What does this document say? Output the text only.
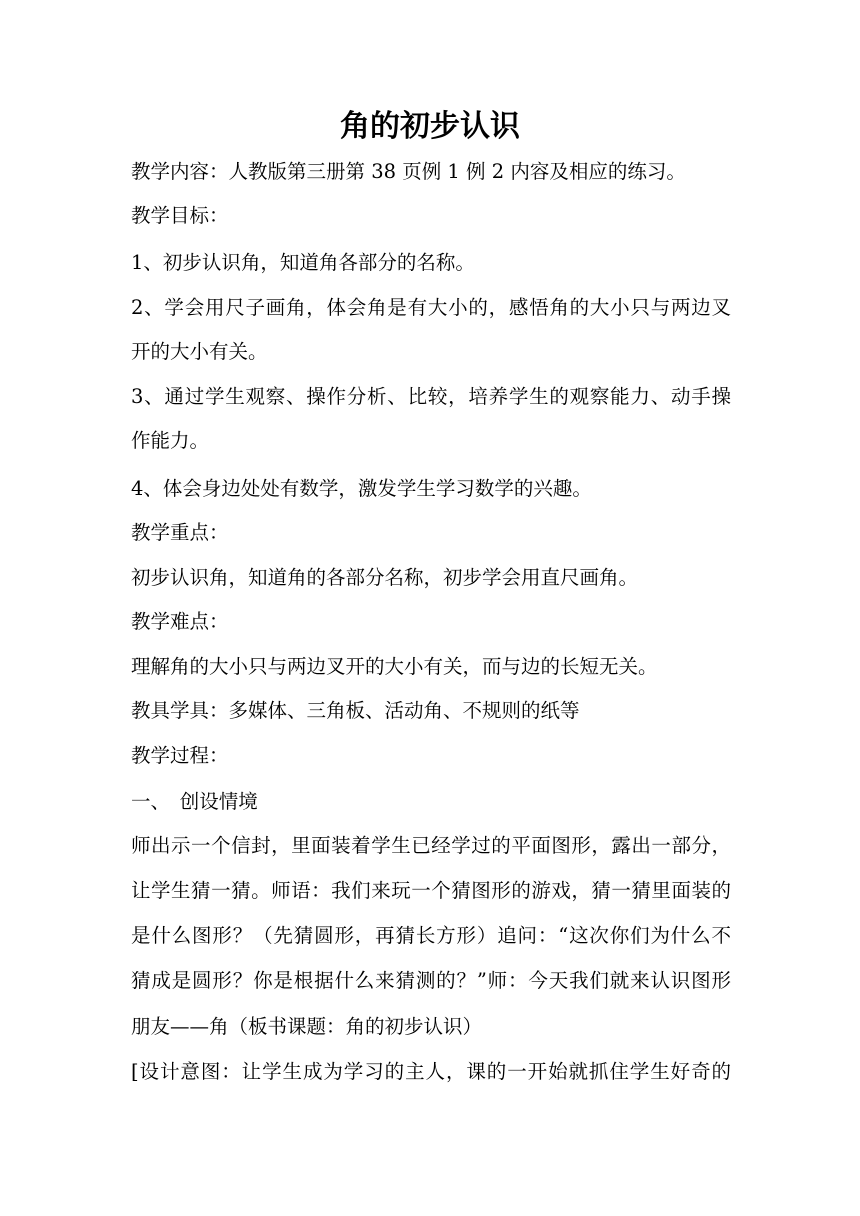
角的初步认识
教学内容：人教版第三册第 38 页例 1 例 2 内容及相应的练习。
教学目标：
1、初步认识角，知道角各部分的名称。
2、学会用尺子画角，体会角是有大小的，感悟角的大小只与两边叉
开的大小有关。
3、通过学生观察、操作分析、比较，培养学生的观察能力、动手操
作能力。
4、体会身边处处有数学，激发学生学习数学的兴趣。
教学重点：
初步认识角，知道角的各部分名称，初步学会用直尺画角。
教学难点：
理解角的大小只与两边叉开的大小有关，而与边的长短无关。
教具学具：多媒体、三角板、活动角、不规则的纸等
教学过程：
一、　创设情境
师出示一个信封，里面装着学生已经学过的平面图形，露出一部分，
让学生猜一猜。师语：我们来玩一个猜图形的游戏，猜一猜里面装的
是什么图形？（先猜圆形，再猜长方形）追问：“这次你们为什么不
猜成是圆形？你是根据什么来猜测的？”师：今天我们就来认识图形
朋友——角（板书课题：角的初步认识）
[设计意图：让学生成为学习的主人，课的一开始就抓住学生好奇的
